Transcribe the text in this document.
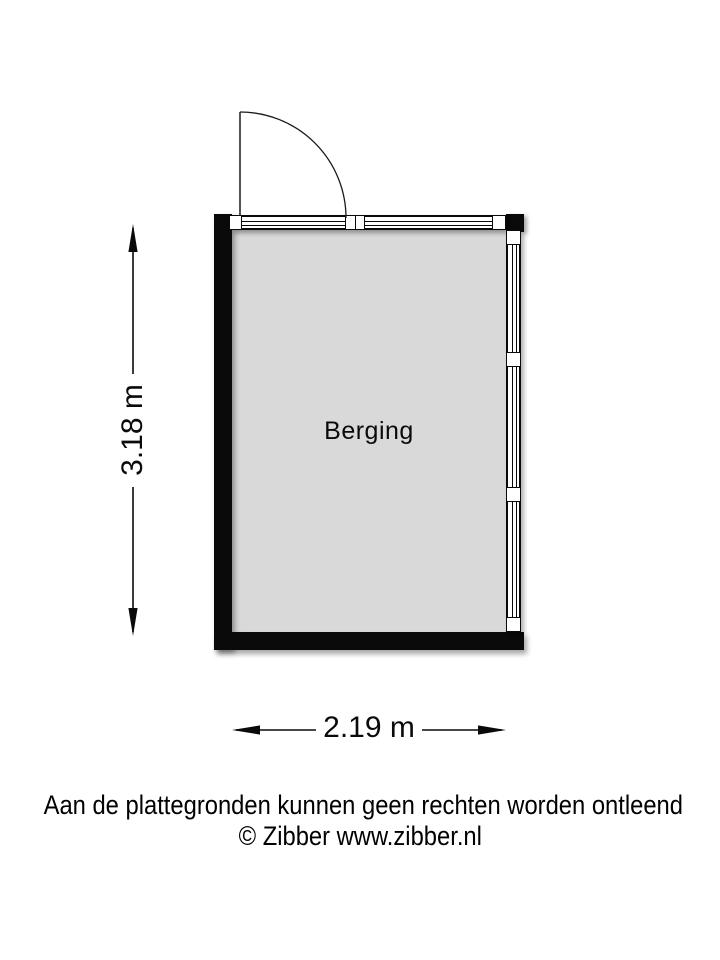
Berging
3.18 m
2.19 m
Aan de plattegronden kunnen geen rechten worden ontleend
© Zibber www.zibber.nl
